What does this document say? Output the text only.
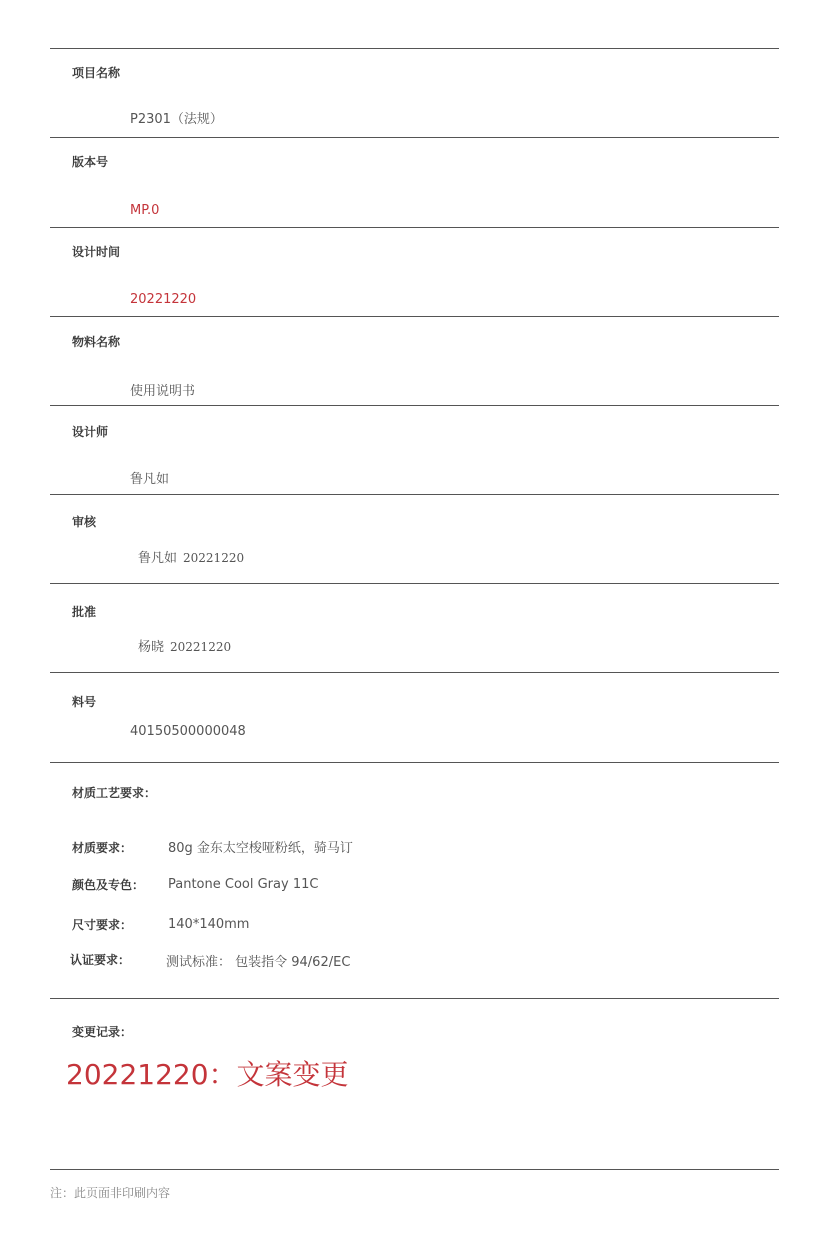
项目名称
P2301（法规）
版本号
MP.0
设计时间
20221220
物料名称
使用说明书
设计师
鲁凡如
审核
鲁凡如 20221220
批准
杨晓 20221220
料号
40150500000048
材质工艺要求：
材质要求：	80g 金东太空梭哑粉纸，骑马订
颜色及专色： Pantone Cool Gray 11C
尺寸要求：	140*140mm
认证要求：	测试标准： 包装指令 94/62/EC
变更记录：
20221220：文案变更
注：此页面非印刷内容
